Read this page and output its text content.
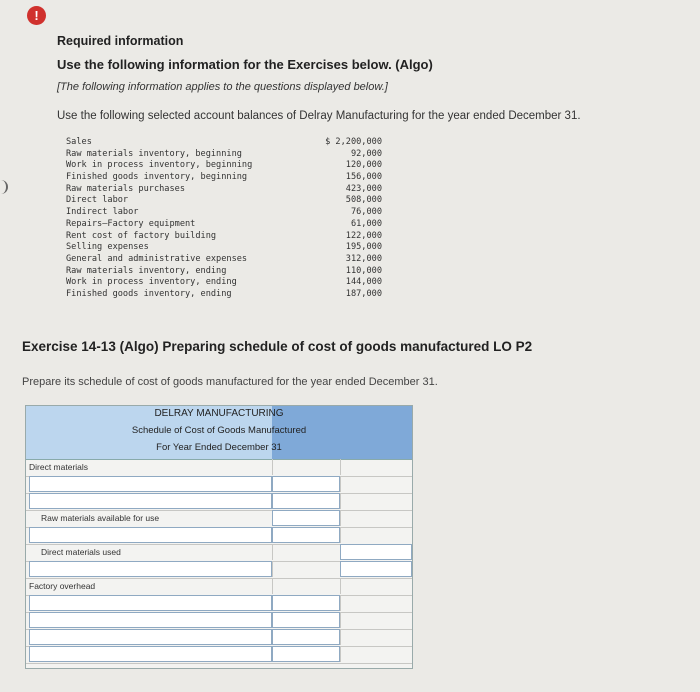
!
Required information
Use the following information for the Exercises below. (Algo)
[The following information applies to the questions displayed below.]
Use the following selected account balances of Delray Manufacturing for the year ended December 31.
Sales	$ 2,200,000
Raw materials inventory, beginning	92,000
Work in process inventory, beginning	120,000
Finished goods inventory, beginning	156,000
Raw materials purchases	423,000
Direct labor	508,000
Indirect labor	76,000
Repairs—Factory equipment	61,000
Rent cost of factory building	122,000
Selling expenses	195,000
General and administrative expenses	312,000
Raw materials inventory, ending	110,000
Work in process inventory, ending	144,000
Finished goods inventory, ending	187,000
Exercise 14-13 (Algo) Preparing schedule of cost of goods manufactured LO P2
Prepare its schedule of cost of goods manufactured for the year ended December 31.
DELRAY MANUFACTURING
Schedule of Cost of Goods Manufactured
For Year Ended December 31
Direct materials
Raw materials available for use
Direct materials used
Factory overhead
